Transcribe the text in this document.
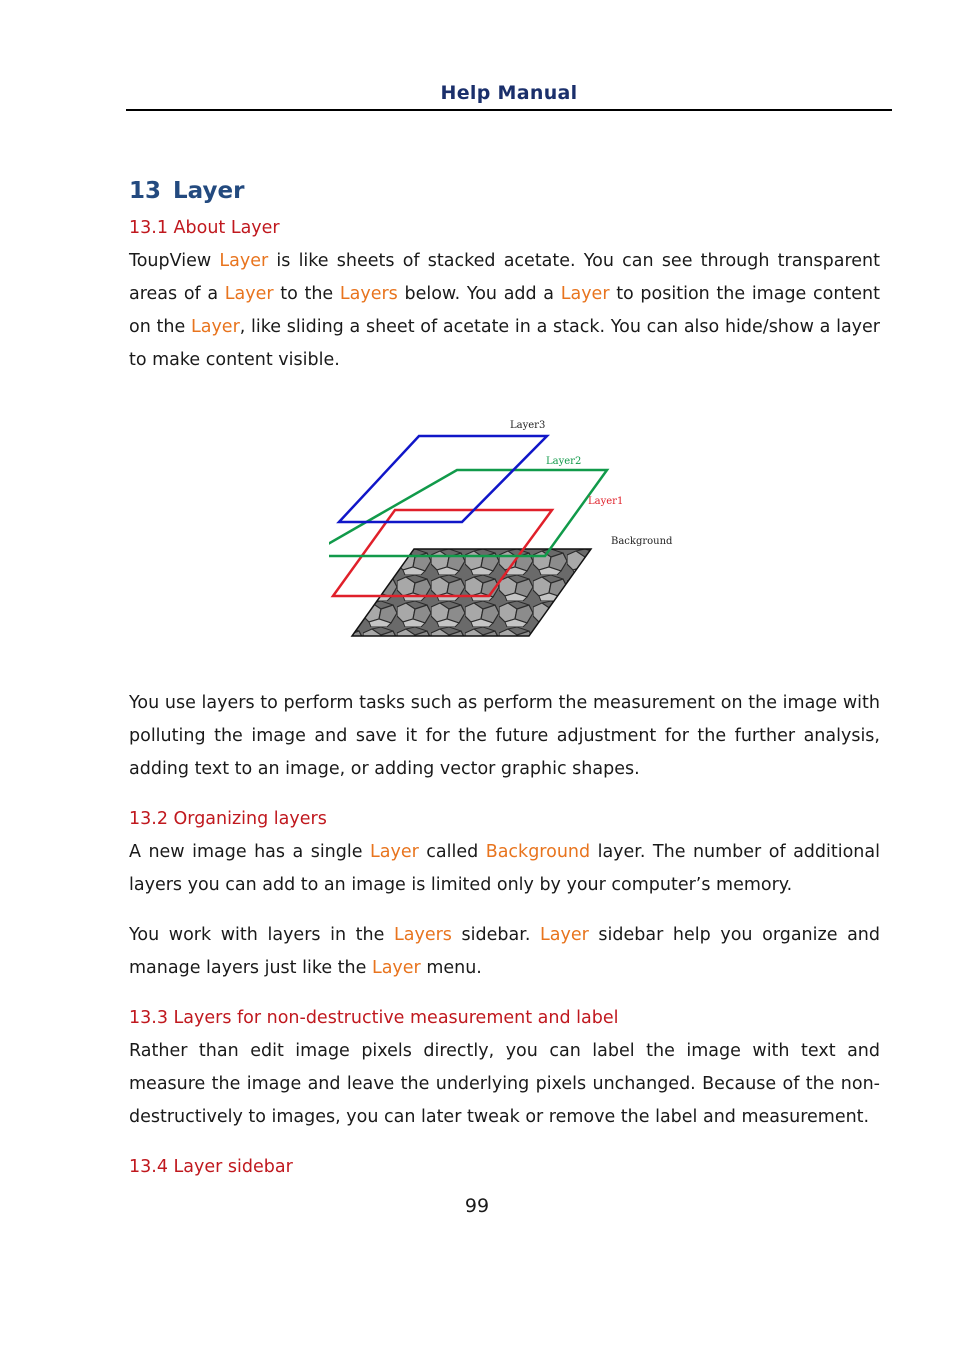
Help Manual
13 Layer
13.1 About Layer

ToupView Layer is like sheets of stacked acetate. You can see through transparent areas of a Layer to the Layers below. You add a Layer to position the image content on the Layer, like sliding a sheet of acetate in a stack. You can also hide/show a layer to make content visible.

Layer3
Layer2
Layer1
Background

You use layers to perform tasks such as perform the measurement on the image with polluting the image and save it for the future adjustment for the further analysis, adding text to an image, or adding vector graphic shapes.

13.2 Organizing layers

A new image has a single Layer called Background layer. The number of additional layers you can add to an image is limited only by your computer’s memory.

You work with layers in the Layers sidebar. Layer sidebar help you organize and manage layers just like the Layer menu.

13.3 Layers for non-destructive measurement and label

Rather than edit image pixels directly, you can label the image with text and measure the image and leave the underlying pixels unchanged. Because of the non-destructively to images, you can later tweak or remove the label and measurement.

13.4 Layer sidebar
99
